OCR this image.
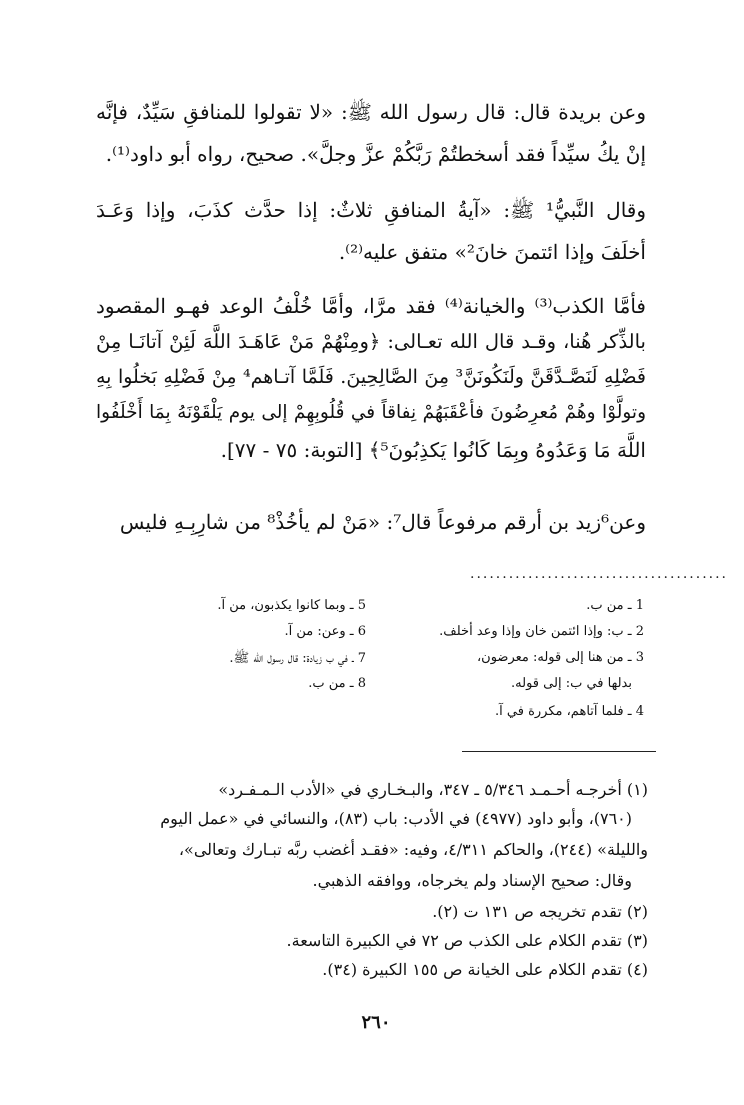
وعن بريدة قال: قال رسول الله ﷺ: «لا تقولوا للمنافقِ سَيِّدٌ، فإنَّه
إنْ يكُ سيِّداً فقد أسخطتُمْ رَبَّكُمْ عزَّ وجلَّ». صحيح، رواه أبو داود⁽¹⁾.
وقال النَّبيُّ¹ ﷺ: «آيةُ المنافقِ ثلاثٌ: إذا حدَّث كذَبَ، وإذا وَعَـدَ
أخلَفَ وإذا ائتمنَ خانَ²» متفق عليه⁽²⁾.
فأمَّا الكذب⁽³⁾ والخيانة⁽⁴⁾ فقد مرَّا، وأمَّا خُلْفُ الوعد فهـو المقصود
بالذِّكر هُنا، وقـد قال الله تعـالى: ﴿ومِنْهُمْ مَنْ عَاهَـدَ اللَّهَ لَئِنْ آتانَـا مِنْ
فَضْلِهِ لَنَصَّـدَّقَنَّ ولَنَكُونَنَّ³ مِنَ الصَّالِحِينَ. فَلَمَّا آتـاهم⁴ مِنْ فَضْلِهِ بَخلُوا بِهِ
وتولَّوْا وهُمْ مُعرِضُونَ فأعْقَبَهُمْ نِفاقاً في قُلُوبِهِمْ إلى يوم يَلْقَوْنَهُ بِمَا أَخْلَفُوا
اللَّهَ مَا وَعَدُوهُ وبِمَا كَانُوا يَكذِبُونَ⁵﴾ [التوبة: ٧٥ - ٧٧].
وعن⁶زيد بن أرقم مرفوعاً قال⁷: «مَنْ لم يأخُذْ⁸ من شارِبِـهِ فليس
........................................
1 ـ من ب.
2 ـ ب: وإذا ائتمن خان وإذا وعد أخلف.
3 ـ من هنا إلى قوله: معرضون،
بدلها في ب: إلى قوله.
4 ـ فلما آتاهم، مكررة في آ.
5 ـ وبما كانوا يكذبون، من آ.
6 ـ وعن: من آ.
7 ـ في ب زيادة: قال رسول الله ﷺ.
8 ـ من ب.
(١) أخرجـه أحـمـد ٥/٣٤٦ ـ ٣٤٧، والبـخـاري في «الأدب الـمـفـرد»
(٧٦٠)، وأبو داود (٤٩٧٧) في الأدب: باب (٨٣)، والنسائي في «عمل اليوم
والليلة» (٢٤٤)، والحاكم ٤/٣١١، وفيه: «فقـد أغضب ربَّه تبـارك وتعالى»،
وقال: صحيح الإسناد ولم يخرجاه، ووافقه الذهبي.
(٢) تقدم تخريجه ص ١٣١ ت (٢).
(٣) تقدم الكلام على الكذب ص ٧٢ في الكبيرة التاسعة.
(٤) تقدم الكلام على الخيانة ص ١٥٥ الكبيرة (٣٤).
٢٦٠
